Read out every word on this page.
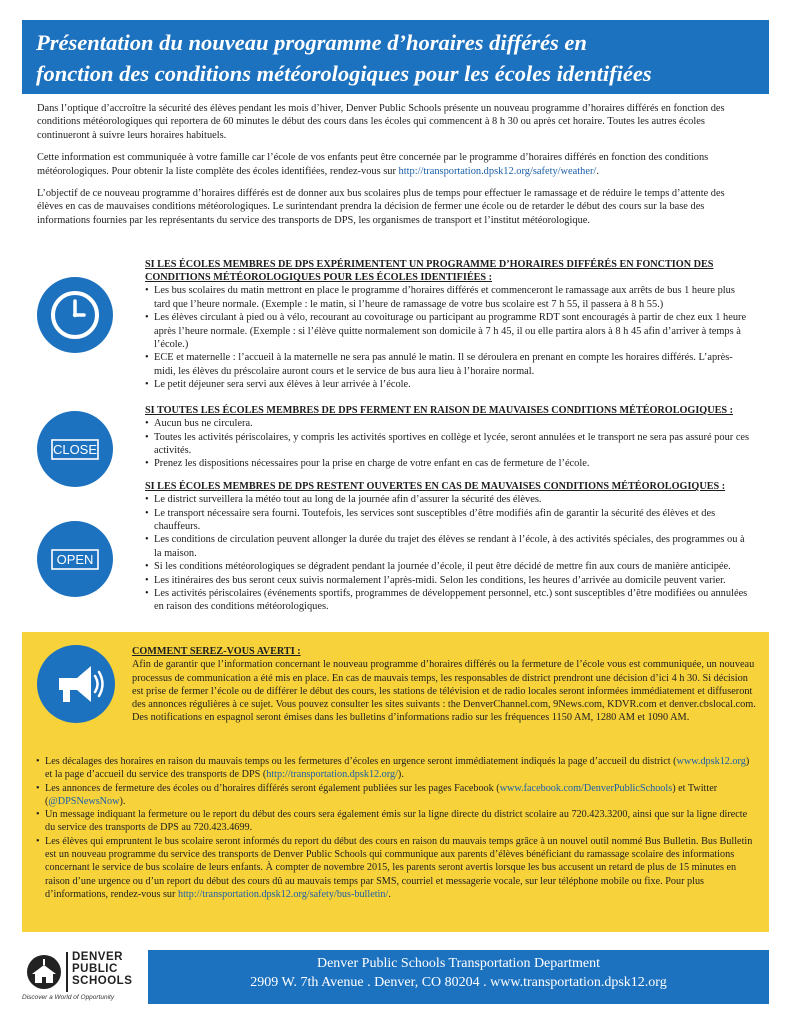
Présentation du nouveau programme d’horaires différés en
fonction des conditions météorologiques pour les écoles identifiées

Dans l’optique d’accroître la sécurité des élèves pendant les mois d’hiver, Denver Public Schools présente un nouveau programme d’horaires différés en fonction des conditions météorologiques qui reportera de 60 minutes le début des cours dans les écoles qui commencent à 8 h 30 ou après cet horaire. Toutes les autres écoles continueront à suivre leurs horaires habituels.

Cette information est communiquée à votre famille car l’école de vos enfants peut être concernée par le programme d’horaires différés en fonction des conditions météorologiques. Pour obtenir la liste complète des écoles identifiées, rendez-vous sur http://transportation.dpsk12.org/safety/weather/.

L’objectif de ce nouveau programme d’horaires différés est de donner aux bus scolaires plus de temps pour effectuer le ramassage et de réduire le temps d’attente des élèves en cas de mauvaises conditions météorologiques. Le surintendant prendra la décision de fermer une école ou de retarder le début des cours sur la base des informations fournies par les représentants du service des transports de DPS, les organismes de transport et l’institut météorologique.

CLOSE
OPEN
SI LES ÉCOLES MEMBRES DE DPS EXPÉRIMENTENT UN PROGRAMME D’HORAIRES DIFFÉRÉS EN FONCTION DES CONDITIONS MÉTÉOROLOGIQUES POUR LES ÉCOLES IDENTIFIÉES :
• Les bus scolaires du matin mettront en place le programme d’horaires différés et commenceront le ramassage aux arrêts de bus 1 heure plus tard que l’heure normale. (Exemple : le matin, si l’heure de ramassage de votre bus scolaire est 7 h 55, il passera à 8 h 55.)
• Les élèves circulant à pied ou à vélo, recourant au covoiturage ou participant au programme RDT sont encouragés à partir de chez eux 1 heure après l’heure normale. (Exemple : si l’élève quitte normalement son domicile à 7 h 45, il ou elle partira alors à 8 h 45 afin d’arriver à temps à l’école.)
• ECE et maternelle : l’accueil à la maternelle ne sera pas annulé le matin. Il se déroulera en prenant en compte les horaires différés. L’après-midi, les élèves du préscolaire auront cours et le service de bus aura lieu à l’horaire normal.
• Le petit déjeuner sera servi aux élèves à leur arrivée à l’école.
SI TOUTES LES ÉCOLES MEMBRES DE DPS FERMENT EN RAISON DE MAUVAISES CONDITIONS MÉTÉOROLOGIQUES :
• Aucun bus ne circulera.
• Toutes les activités périscolaires, y compris les activités sportives en collège et lycée, seront annulées et le transport ne sera pas assuré pour ces activités.
• Prenez les dispositions nécessaires pour la prise en charge de votre enfant en cas de fermeture de l’école.
SI LES ÉCOLES MEMBRES DE DPS RESTENT OUVERTES EN CAS DE MAUVAISES CONDITIONS MÉTÉOROLOGIQUES :
• Le district surveillera la météo tout au long de la journée afin d’assurer la sécurité des élèves.
• Le transport nécessaire sera fourni. Toutefois, les services sont susceptibles d’être modifiés afin de garantir la sécurité des élèves et des chauffeurs.
• Les conditions de circulation peuvent allonger la durée du trajet des élèves se rendant à l’école, à des activités spéciales, des programmes ou à la maison.
• Si les conditions météorologiques se dégradent pendant la journée d’école, il peut être décidé de mettre fin aux cours de manière anticipée.
• Les itinéraires des bus seront ceux suivis normalement l’après-midi. Selon les conditions, les heures d’arrivée au domicile peuvent varier.
• Les activités périscolaires (événements sportifs, programmes de développement personnel, etc.) sont susceptibles d’être modifiées ou annulées en raison des conditions météorologiques.
COMMENT SEREZ-VOUS AVERTI :

Afin de garantir que l’information concernant le nouveau programme d’horaires différés ou la fermeture de l’école vous est communiquée, un nouveau processus de communication a été mis en place. En cas de mauvais temps, les responsables de district prendront une décision d’ici 4 h 30. Si décision est prise de fermer l’école ou de différer le début des cours, les stations de télévision et de radio locales seront informées immédiatement et diffuseront des annonces régulières à ce sujet. Vous pouvez consulter les sites suivants : the DenverChannel.com, 9News.com, KDVR.com et denver.cbslocal.com. Des notifications en espagnol seront émises dans les bulletins d’informations radio sur les fréquences 1150 AM, 1280 AM et 1090 AM.

• Les décalages des horaires en raison du mauvais temps ou les fermetures d’écoles en urgence seront immédiatement indiqués la page d’accueil du district (www.dpsk12.org) et la page d’accueil du service des transports de DPS (http://transportation.dpsk12.org/).
• Les annonces de fermeture des écoles ou d’horaires différés seront également publiées sur les pages Facebook (www.facebook.com/DenverPublicSchools) et Twitter (@DPSNewsNow).
• Un message indiquant la fermeture ou le report du début des cours sera également émis sur la ligne directe du district scolaire au 720.423.3200, ainsi que sur la ligne directe du service des transports de DPS au 720.423.4699.
• Les élèves qui empruntent le bus scolaire seront informés du report du début des cours en raison du mauvais temps grâce à un nouvel outil nommé Bus Bulletin. Bus Bulletin est un nouveau programme du service des transports de Denver Public Schools qui communique aux parents d’élèves bénéficiant du ramassage scolaire des informations concernant le service de bus scolaire de leurs enfants. À compter de novembre 2015, les parents seront avertis lorsque les bus accusent un retard de plus de 15 minutes en raison d’une urgence ou d’un report du début des cours dû au mauvais temps par SMS, courriel et messagerie vocale, sur leur téléphone mobile ou fixe. Pour plus d’informations, rendez-vous sur http://transportation.dpsk12.org/safety/bus-bulletin/.
DENVER
PUBLIC
SCHOOLS
Discover a World of Opportunity
Denver Public Schools Transportation Department
2909 W. 7th Avenue . Denver, CO 80204 . www.transportation.dpsk12.org
